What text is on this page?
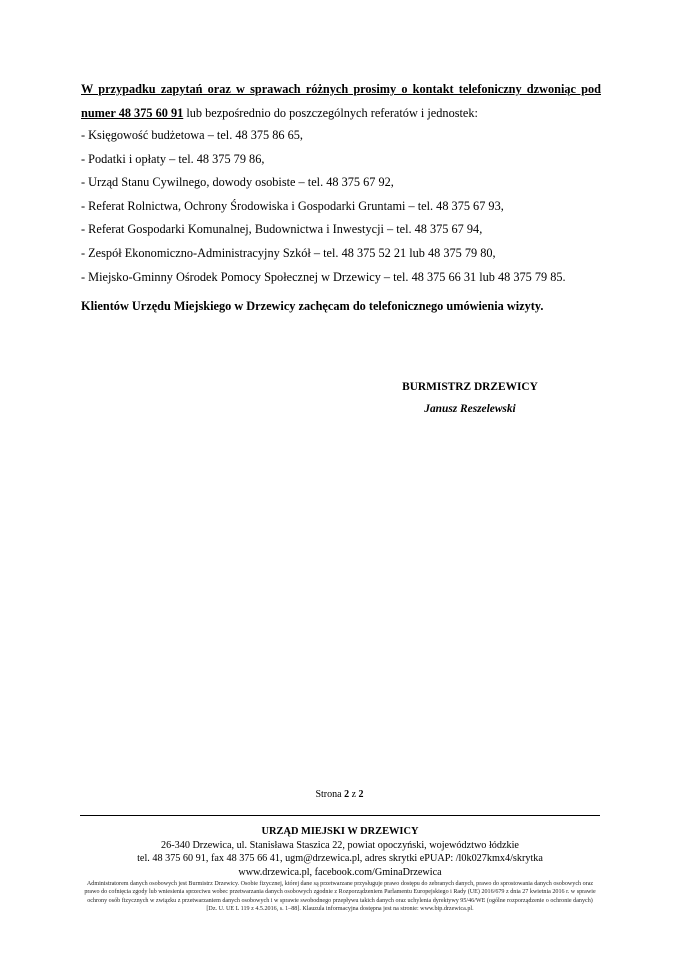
W przypadku zapytań oraz w sprawach różnych prosimy o kontakt telefoniczny dzwoniąc pod numer 48 375 60 91 lub bezpośrednio do poszczególnych referatów i jednostek:

- Księgowość budżetowa – tel. 48 375 86 65,
- Podatki i opłaty – tel. 48 375 79 86,
- Urząd Stanu Cywilnego, dowody osobiste – tel. 48 375 67 92,
- Referat Rolnictwa, Ochrony Środowiska i Gospodarki Gruntami – tel. 48 375 67 93,
- Referat Gospodarki Komunalnej, Budownictwa i Inwestycji – tel. 48 375 67 94,
- Zespół Ekonomiczno-Administracyjny Szkół – tel. 48 375 52 21 lub 48 375 79 80,
- Miejsko-Gminny Ośrodek Pomocy Społecznej w Drzewicy – tel. 48 375 66 31 lub 48 375 79 85.
Klientów Urzędu Miejskiego w Drzewicy zachęcam do telefonicznego umówienia wizyty.
BURMISTRZ DRZEWICY
Janusz Reszelewski
Strona 2 z 2
URZĄD MIEJSKI W DRZEWICY
26-340 Drzewica, ul. Stanisława Staszica 22, powiat opoczyński, województwo łódzkie
tel. 48 375 60 91, fax 48 375 66 41, ugm@drzewica.pl, adres skrytki ePUAP: /l0k027kmx4/skrytka
www.drzewica.pl, facebook.com/GminaDrzewica
Administratorem danych osobowych jest Burmistrz Drzewicy. Osobie fizycznej, której dane są przetwarzane przysługuje prawo dostępu do zebranych danych, prawo do sprostowania danych osobowych oraz prawo do cofnięcia zgody lub wniesienia sprzeciwu wobec przetwarzania danych osobowych zgodnie z Rozporządzeniem Parlamentu Europejskiego i Rady (UE) 2016/679 z dnia 27 kwietnia 2016 r. w sprawie ochrony osób fizycznych w związku z przetwarzaniem danych osobowych i w sprawie swobodnego przepływu takich danych oraz uchylenia dyrektywy 95/46/WE (ogólne rozporządzenie o ochronie danych) [Dz. U. UE L 119 z 4.5.2016, s. 1–88]. Klauzula informacyjna dostępna jest na stronie: www.bip.drzewica.pl.
